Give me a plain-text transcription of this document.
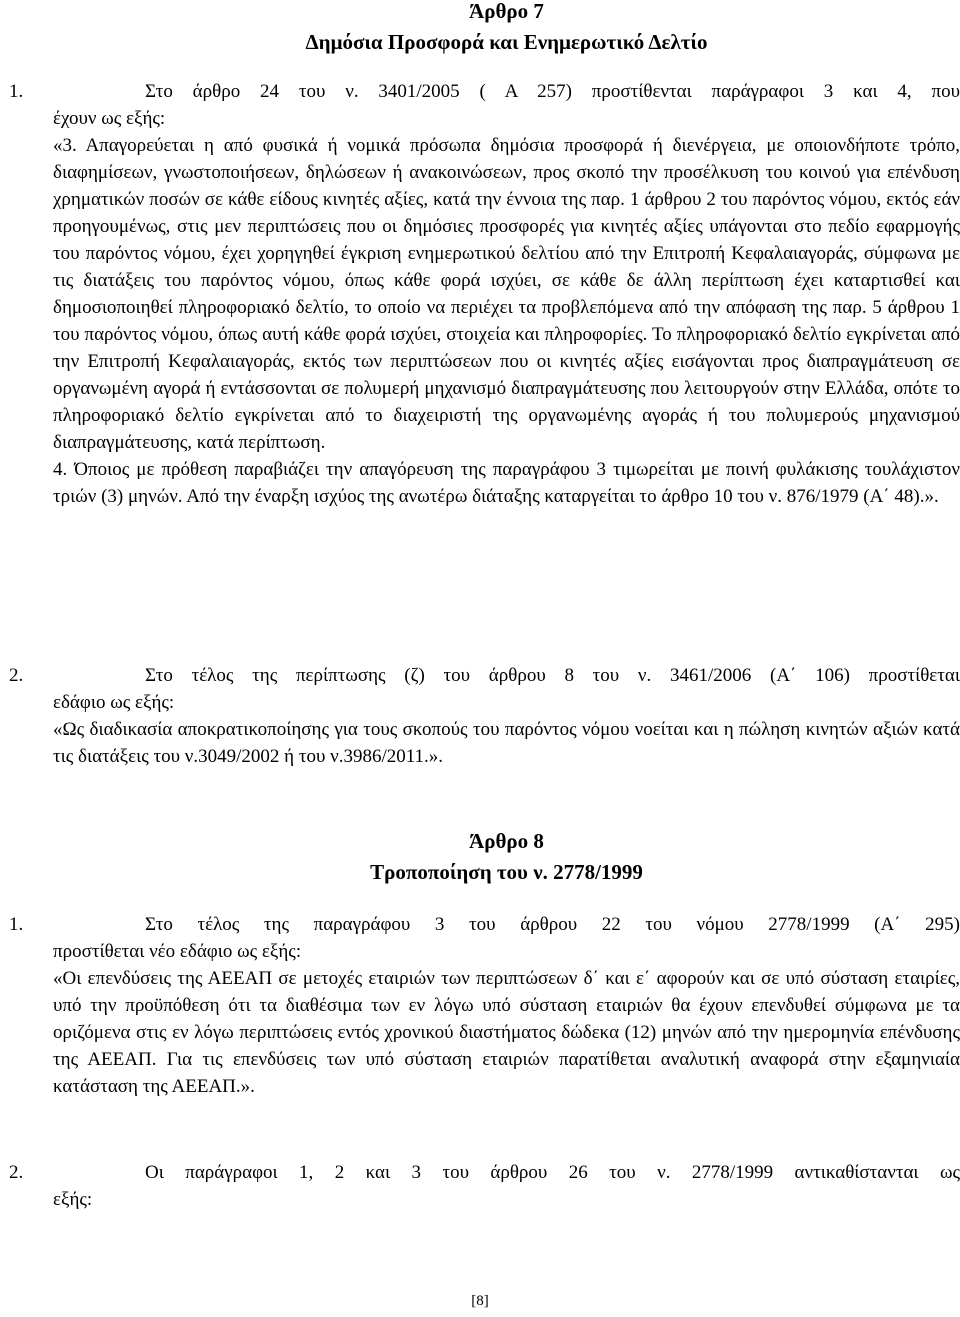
Άρθρο 7

Δημόσια Προσφορά και Ενημερωτικό Δελτίο

1.	Στο άρθρο 24 του ν. 3401/2005 ( Α 257) προστίθενται παράγραφοι 3 και 4, που

έχουν ως εξής:

«3. Απαγορεύεται η από φυσικά ή νομικά πρόσωπα δημόσια προσφορά ή διενέργεια, με οποιονδήποτε τρόπο, διαφημίσεων, γνωστοποιήσεων, δηλώσεων ή ανακοινώσεων, προς σκοπό την προσέλκυση του κοινού για επένδυση χρηματικών ποσών σε κάθε είδους κινητές αξίες, κατά την έννοια της παρ. 1 άρθρου 2 του παρόντος νόμου, εκτός εάν προηγουμένως, στις μεν περιπτώσεις που οι δημόσιες προσφορές για κινητές αξίες υπάγονται στο πεδίο εφαρμογής του παρόντος νόμου, έχει χορηγηθεί έγκριση ενημερωτικού δελτίου από την Επιτροπή Κεφαλαιαγοράς, σύμφωνα με τις διατάξεις του παρόντος νόμου, όπως κάθε φορά ισχύει, σε κάθε δε άλλη περίπτωση έχει καταρτισθεί και δημοσιοποιηθεί πληροφοριακό δελτίο, το οποίο να περιέχει τα προβλεπόμενα από την απόφαση της παρ. 5 άρθρου 1 του παρόντος νόμου, όπως αυτή κάθε φορά ισχύει, στοιχεία και πληροφορίες. Το πληροφοριακό δελτίο εγκρίνεται από την Επιτροπή Κεφαλαιαγοράς, εκτός των περιπτώσεων που οι κινητές αξίες εισάγονται προς διαπραγμάτευση σε οργανωμένη αγορά ή εντάσσονται σε πολυμερή μηχανισμό διαπραγμάτευσης που λειτουργούν στην Ελλάδα, οπότε το πληροφοριακό δελτίο εγκρίνεται από το διαχειριστή της οργανωμένης αγοράς ή του πολυμερούς μηχανισμού διαπραγμάτευσης, κατά περίπτωση.

4. Όποιος με πρόθεση παραβιάζει την απαγόρευση της παραγράφου 3 τιμωρείται με ποινή φυλάκισης τουλάχιστον τριών (3) μηνών. Από την έναρξη ισχύος της ανωτέρω διάταξης καταργείται το άρθρο 10 του ν. 876/1979 (Α΄ 48).».

2.	Στο τέλος της περίπτωσης (ζ) του άρθρου 8 του ν. 3461/2006 (Α΄ 106) προστίθεται

εδάφιο ως εξής:

«Ως διαδικασία αποκρατικοποίησης για τους σκοπούς του παρόντος νόμου νοείται και η πώληση κινητών αξιών κατά τις διατάξεις του ν.3049/2002 ή του ν.3986/2011.».

Άρθρο 8

Τροποποίηση του ν. 2778/1999

1.	Στο τέλος της παραγράφου 3 του άρθρου 22 του νόμου 2778/1999 (Α΄ 295)

προστίθεται νέο εδάφιο ως εξής:

«Οι επενδύσεις της ΑΕΕΑΠ σε μετοχές εταιριών των περιπτώσεων δ΄ και ε΄ αφορούν και σε υπό σύσταση εταιρίες, υπό την προϋπόθεση ότι τα διαθέσιμα των εν λόγω υπό σύσταση εταιριών θα έχουν επενδυθεί σύμφωνα με τα οριζόμενα στις εν λόγω περιπτώσεις εντός χρονικού διαστήματος δώδεκα (12) μηνών από την ημερομηνία επένδυσης της ΑΕΕΑΠ. Για τις επενδύσεις των υπό σύσταση εταιριών παρατίθεται αναλυτική αναφορά στην εξαμηνιαία κατάσταση της ΑΕΕΑΠ.».

2.	Οι παράγραφοι 1, 2 και 3 του άρθρου 26 του ν. 2778/1999 αντικαθίστανται ως

εξής:

[8]
